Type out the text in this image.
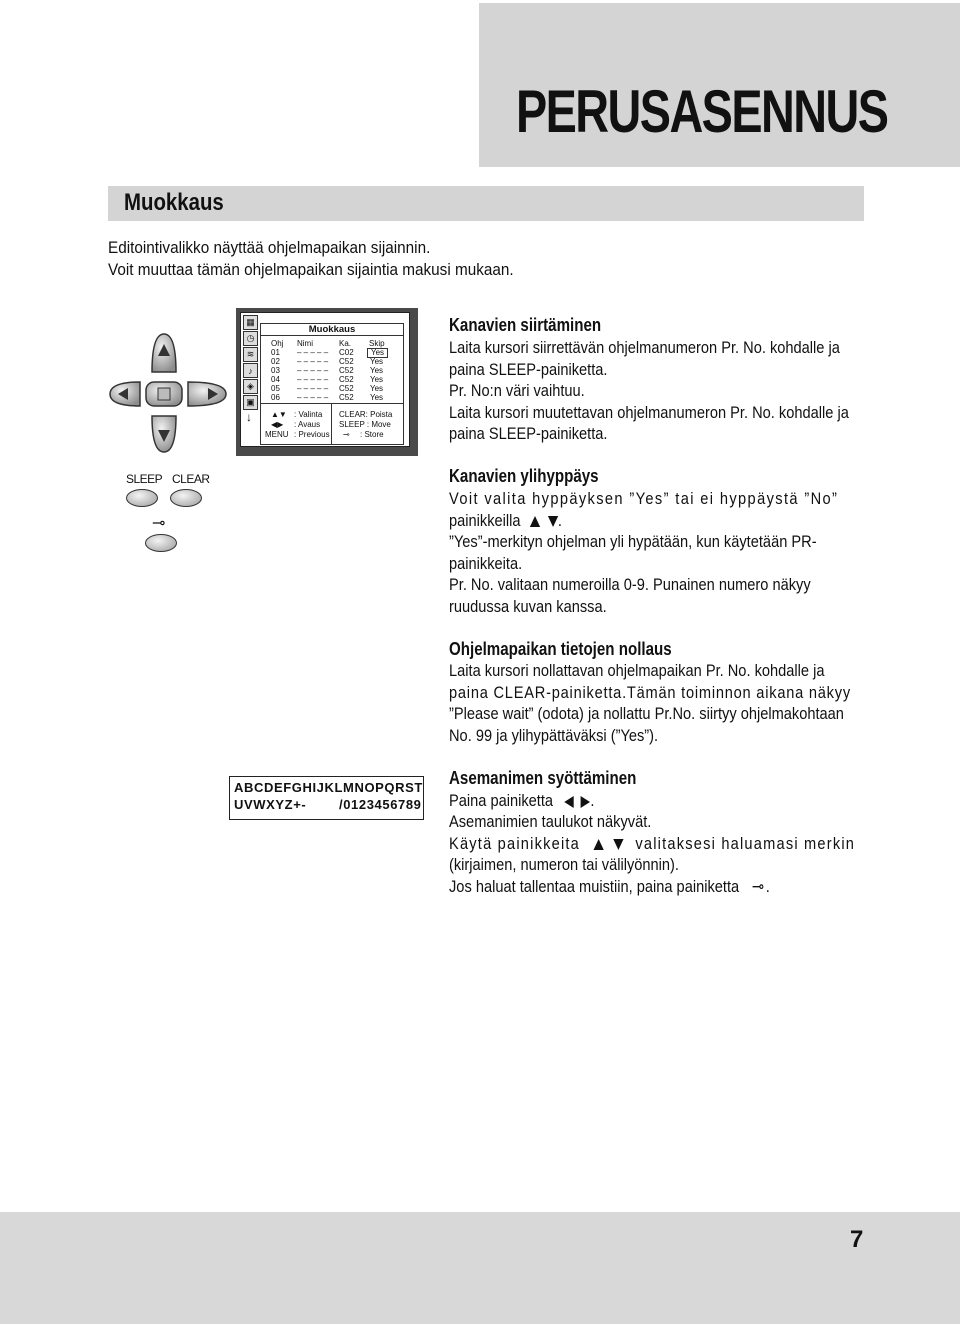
PERUSASENNUS
Muokkaus
Editointivalikko näyttää ohjelmapaikan sijainnin.
Voit muuttaa tämän ohjelmapaikan sijaintia makusi mukaan.
▦
◷
≋
♪
◈
▣
↓
Muokkaus
Ohj Nimi	Ka. Skip
01 – – – – – C02	Yes
02 – – – – – C52 Yes
03 – – – – – C52 Yes
04 – – – – – C52 Yes
05 – – – – – C52 Yes
06 – – – – – C52 Yes
▲▼ : Valinta
◀▶ : Avaus
MENU : Previous
CLEAR: Poista
SLEEP : Move
⊸ : Store
SLEEP CLEAR
⊸
ABCDEFGHIJKLMNOPQRST
UVWXYZ+-	/0123456789
Kanavien siirtäminen
Laita kursori siirrettävän ohjelmanumeron Pr. No. kohdalle ja
paina SLEEP-painiketta.
Pr. No:n väri vaihtuu.
Laita kursori muutettavan ohjelmanumeron Pr. No. kohdalle ja
paina SLEEP-painiketta.
Kanavien ylihyppäys
Voit valita hyppäyksen ”Yes” tai ei hyppäystä ”No”
painikkeilla .
”Yes”-merkityn ohjelman yli hypätään, kun käytetään PR-
painikkeita.
Pr. No. valitaan numeroilla 0-9. Punainen numero näkyy
ruudussa kuvan kanssa.
Ohjelmapaikan tietojen nollaus
Laita kursori nollattavan ohjelmapaikan Pr. No. kohdalle ja
paina CLEAR-painiketta.Tämän toiminnon aikana näkyy
”Please wait” (odota) ja nollattu Pr.No. siirtyy ohjelmakohtaan
No. 99 ja ylihypättäväksi (”Yes”).
Asemanimen syöttäminen
Paina painiketta .
Asemanimien taulukot näkyvät.
Käytä painikkeita	valitaksesi haluamasi merkin
(kirjaimen, numeron tai välilyönnin).
Jos haluat tallentaa muistiin, paina painiketta ⊸ .
7
